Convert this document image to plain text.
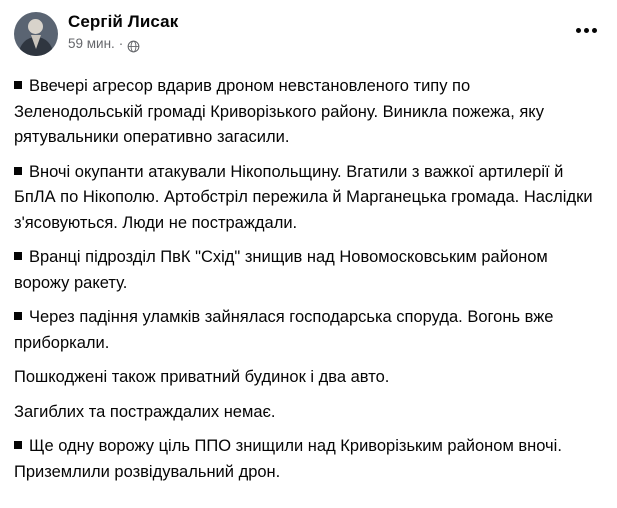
Сергій Лисак
59 мин. ·

Ввечері агресор вдарив дроном невстановленого типу по Зеленодольській громаді Криворізького району. Виникла пожежа, яку рятувальники оперативно загасили.

Вночі окупанти атакували Нікопольщину. Вгатили з важкої артилерії й БпЛА по Нікополю. Артобстріл пережила й Марганецька громада. Наслідки з'ясовуються. Люди не постраждали.

Вранці підрозділ ПвК "Схід" знищив над Новомосковським районом ворожу ракету.

Через падіння уламків зайнялася господарська споруда. Вогонь вже приборкали.

Пошкоджені також приватний будинок і два авто.

Загиблих та постраждалих немає.

Ще одну ворожу ціль ППО знищили над Криворізьким районом вночі. Приземлили розвідувальний дрон.
